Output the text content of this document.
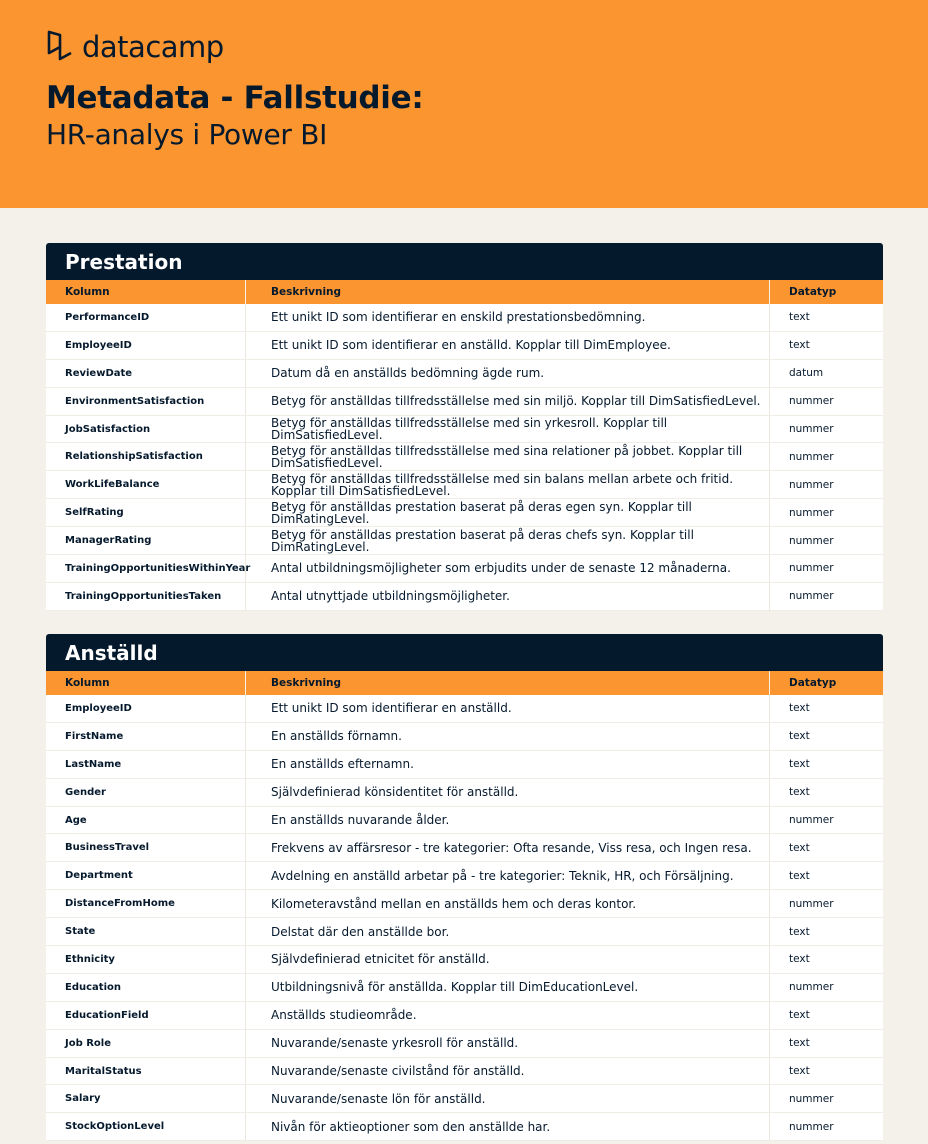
datacamp
Metadata - Fallstudie:
HR-analys i Power BI
Prestation
Kolumn	Beskrivning	Datatyp
PerformanceID	Ett unikt ID som identifierar en enskild prestationsbedömning.	text
EmployeeID	Ett unikt ID som identifierar en anställd. Kopplar till DimEmployee.	text
ReviewDate	Datum då en anställds bedömning ägde rum.	datum
EnvironmentSatisfaction	Betyg för anställdas tillfredsställelse med sin miljö. Kopplar till DimSatisfiedLevel.	nummer
JobSatisfaction	Betyg för anställdas tillfredsställelse med sin yrkesroll. Kopplar till DimSatisfiedLevel.	nummer
RelationshipSatisfaction	Betyg för anställdas tillfredsställelse med sina relationer på jobbet. Kopplar till DimSatisfiedLevel.	nummer
WorkLifeBalance	Betyg för anställdas tillfredsställelse med sin balans mellan arbete och fritid. Kopplar till DimSatisfiedLevel.	nummer
SelfRating	Betyg för anställdas prestation baserat på deras egen syn. Kopplar till DimRatingLevel.	nummer
ManagerRating	Betyg för anställdas prestation baserat på deras chefs syn. Kopplar till DimRatingLevel.	nummer
TrainingOpportunitiesWithinYear	Antal utbildningsmöjligheter som erbjudits under de senaste 12 månaderna.	nummer
TrainingOpportunitiesTaken	Antal utnyttjade utbildningsmöjligheter.	nummer
Anställd
Kolumn	Beskrivning	Datatyp
EmployeeID	Ett unikt ID som identifierar en anställd.	text
FirstName	En anställds förnamn.	text
LastName	En anställds efternamn.	text
Gender	Självdefinierad könsidentitet för anställd.	text
Age	En anställds nuvarande ålder.	nummer
BusinessTravel	Frekvens av affärsresor - tre kategorier: Ofta resande, Viss resa, och Ingen resa.	text
Department	Avdelning en anställd arbetar på - tre kategorier: Teknik, HR, och Försäljning.	text
DistanceFromHome	Kilometeravstånd mellan en anställds hem och deras kontor.	nummer
State	Delstat där den anställde bor.	text
Ethnicity	Självdefinierad etnicitet för anställd.	text
Education	Utbildningsnivå för anställda. Kopplar till DimEducationLevel.	nummer
EducationField	Anställds studieområde.	text
Job Role	Nuvarande/senaste yrkesroll för anställd.	text
MaritalStatus	Nuvarande/senaste civilstånd för anställd.	text
Salary	Nuvarande/senaste lön för anställd.	nummer
StockOptionLevel	Nivån för aktieoptioner som den anställde har.	nummer
